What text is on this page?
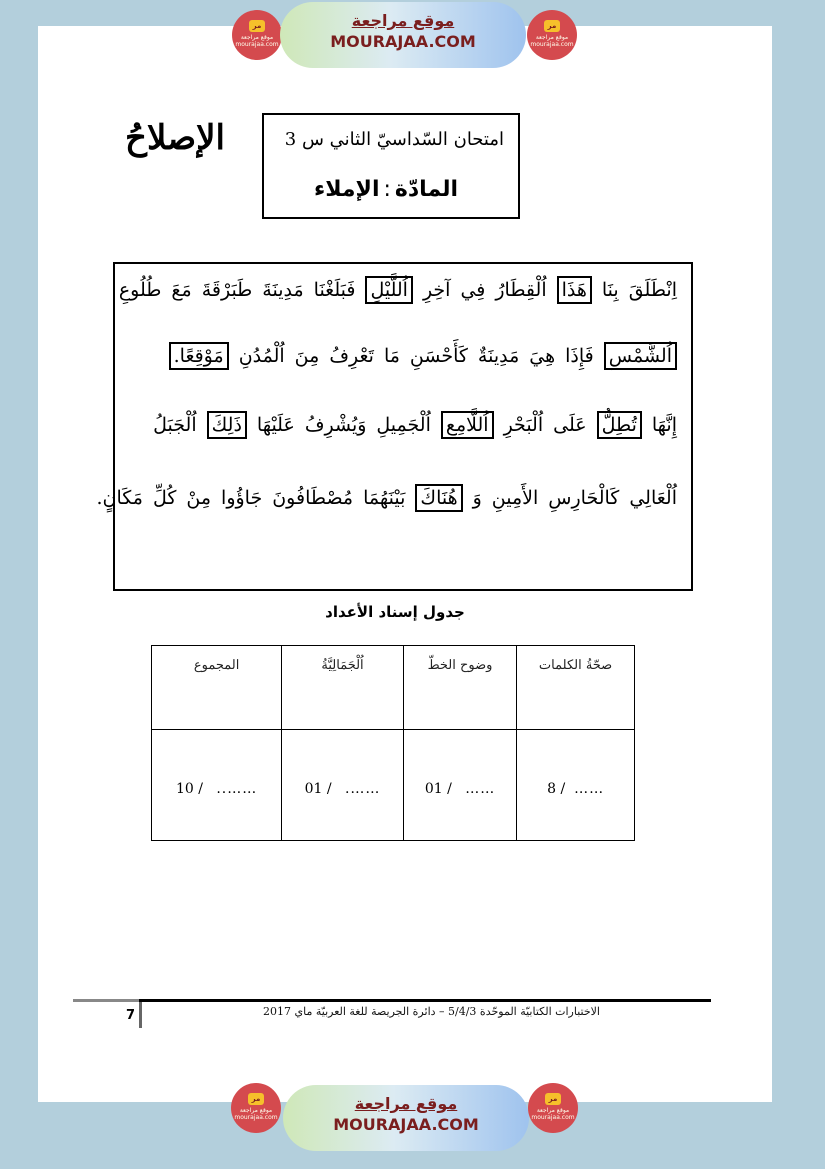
مر
موقع مراجعة
mourajaa.com
موقع مراجعة
MOURAJAA.COM
مر
موقع مراجعة
mourajaa.com
الإصلاحُ	امتحان السّداسيّ الثاني س 3
المادّة:الإملاء
اِنْطَلَقَبِنَاهَذَااُلْقِطَارُفِيآخِرِاُللَّيْلِفَبَلَغْنَامَدِينَةَطَبَرْقَةَمَعَطُلُوعِ
اُلشَّمْسِفَإِذَاهِيَمَدِينَةٌكَأَحْسَنِمَاتَعْرِفُمِنَاُلْمُدُنِمَوْقِعًا.
إِنَّهَاتُطِلُّعَلَىاُلْبَحْرِاُللَّامِعِاُلْجَمِيلِوَيُشْرِفُعَلَيْهَاذَلِكَاُلْجَبَلُ
اُلْعَالِيكَالْحَارِسِالأَمِينِوَهُنَاكَبَيْنَهُمَامُصْطَافُونَجَاؤُوامِنْكُلِّمَكَانٍ.
جدول إسناد الأعداد
صحّةُ الكلمات	وضوح الخطّ	اُلْجَمَالِيَّةُ	المجموع
……  / 8	……   / 01	…….   / 01	……..   / 10
7	الاختبارات الكتابيّة الموحّدة 5/4/3 – دائرة الجريصة للغة العربيّة ماي 2017
مر
موقع مراجعة
mourajaa.com
موقع مراجعة
MOURAJAA.COM
مر
موقع مراجعة
mourajaa.com
